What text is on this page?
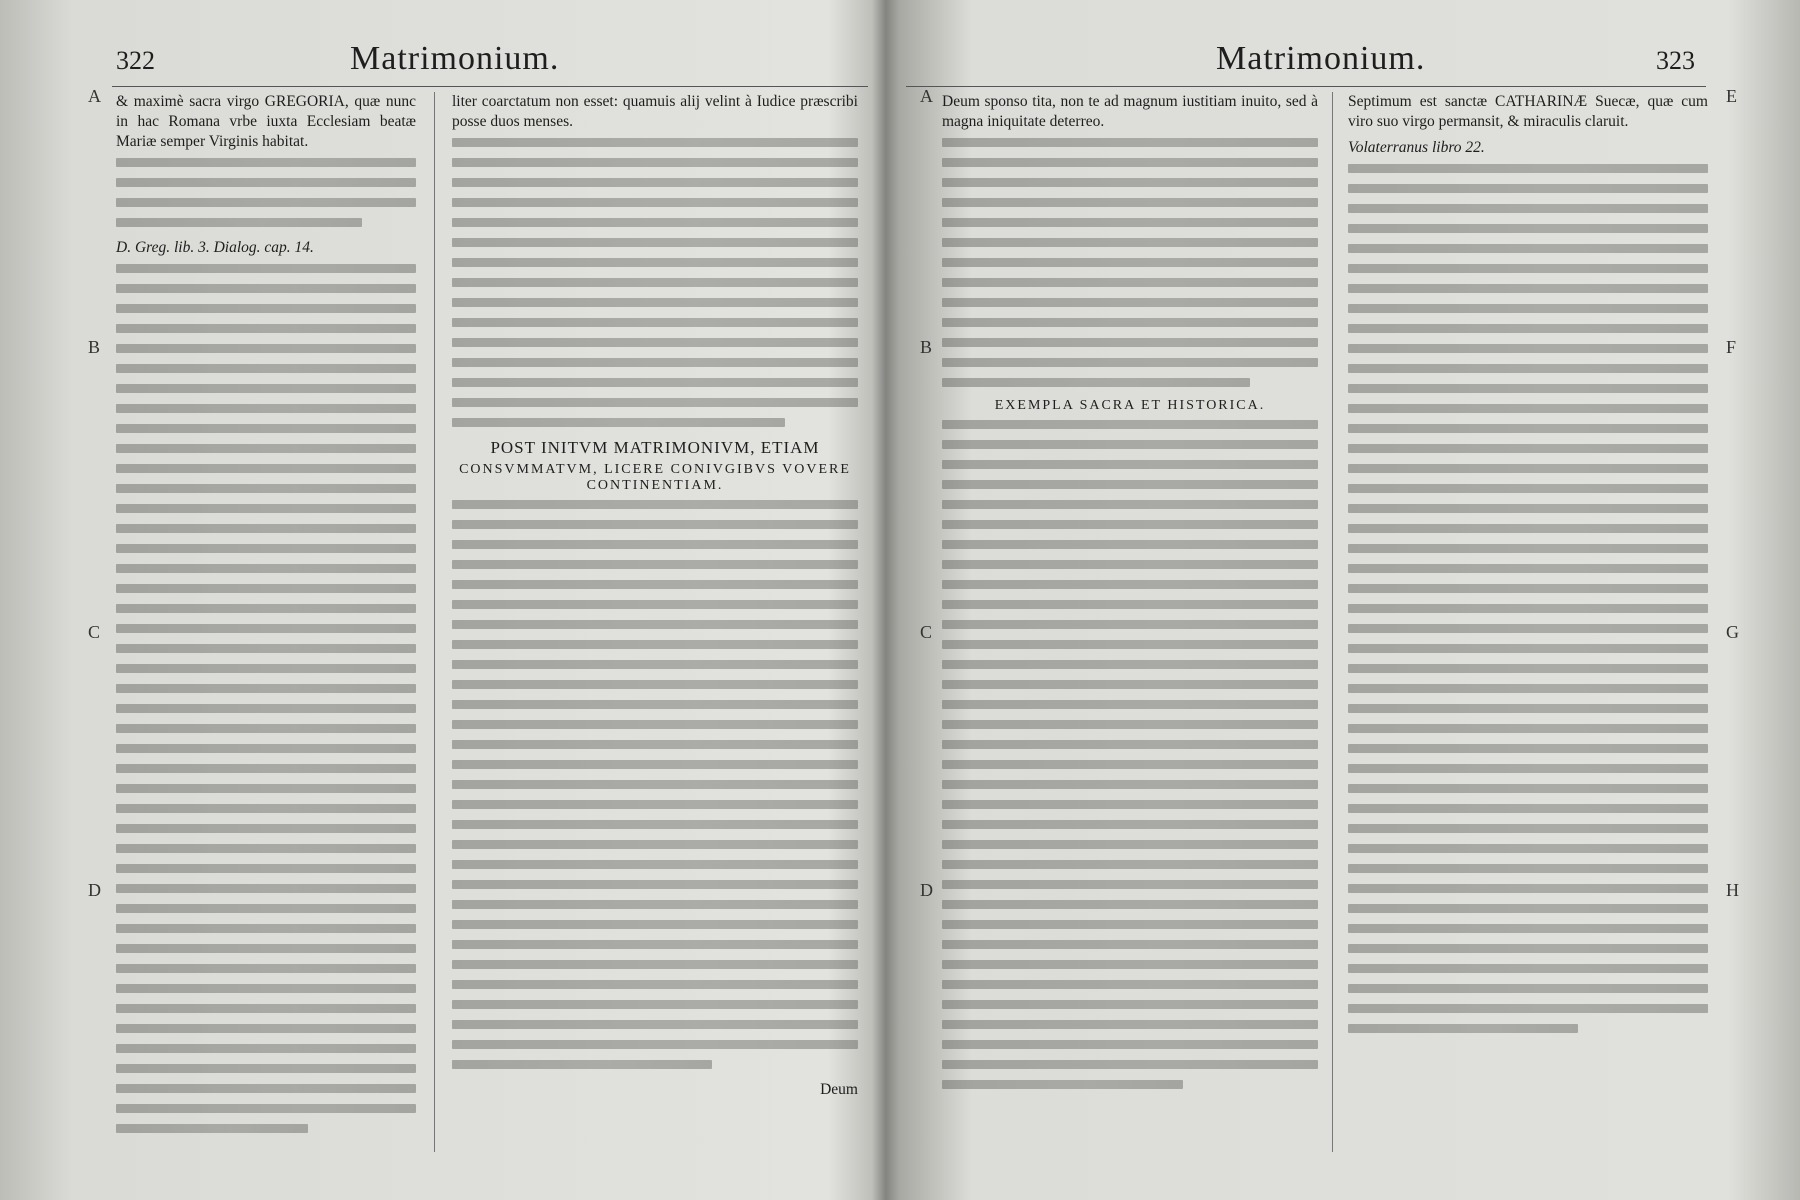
Matrimonium.
322
A
B
C
D

& maximè sacra virgo GREGORIA, quæ nunc in hac Romana vrbe iuxta Ecclesiam beatæ Mariæ semper Virginis habitat.

D. Greg. lib. 3. Dialog. cap. 14.

liter coarctatum non esset: quamuis alij velint à Iudice præscribi posse duos menses.

POST INITVM MATRIMONIVM, ETIAM
CONSVMMATVM, LICERE CONIVGIBVS VOVERE CONTINENTIAM.

Deum

Matrimonium.	323
A
B
C
D
E
F
G
H

Deum sponso tita, non te ad magnum iustitiam inuito, sed à magna iniquitate deterreo.

EXEMPLA SACRA ET HISTORICA.

Septimum est sanctæ CATHARINÆ Suecæ, quæ cum viro suo virgo permansit, & miraculis claruit.

Volaterranus libro 22.
